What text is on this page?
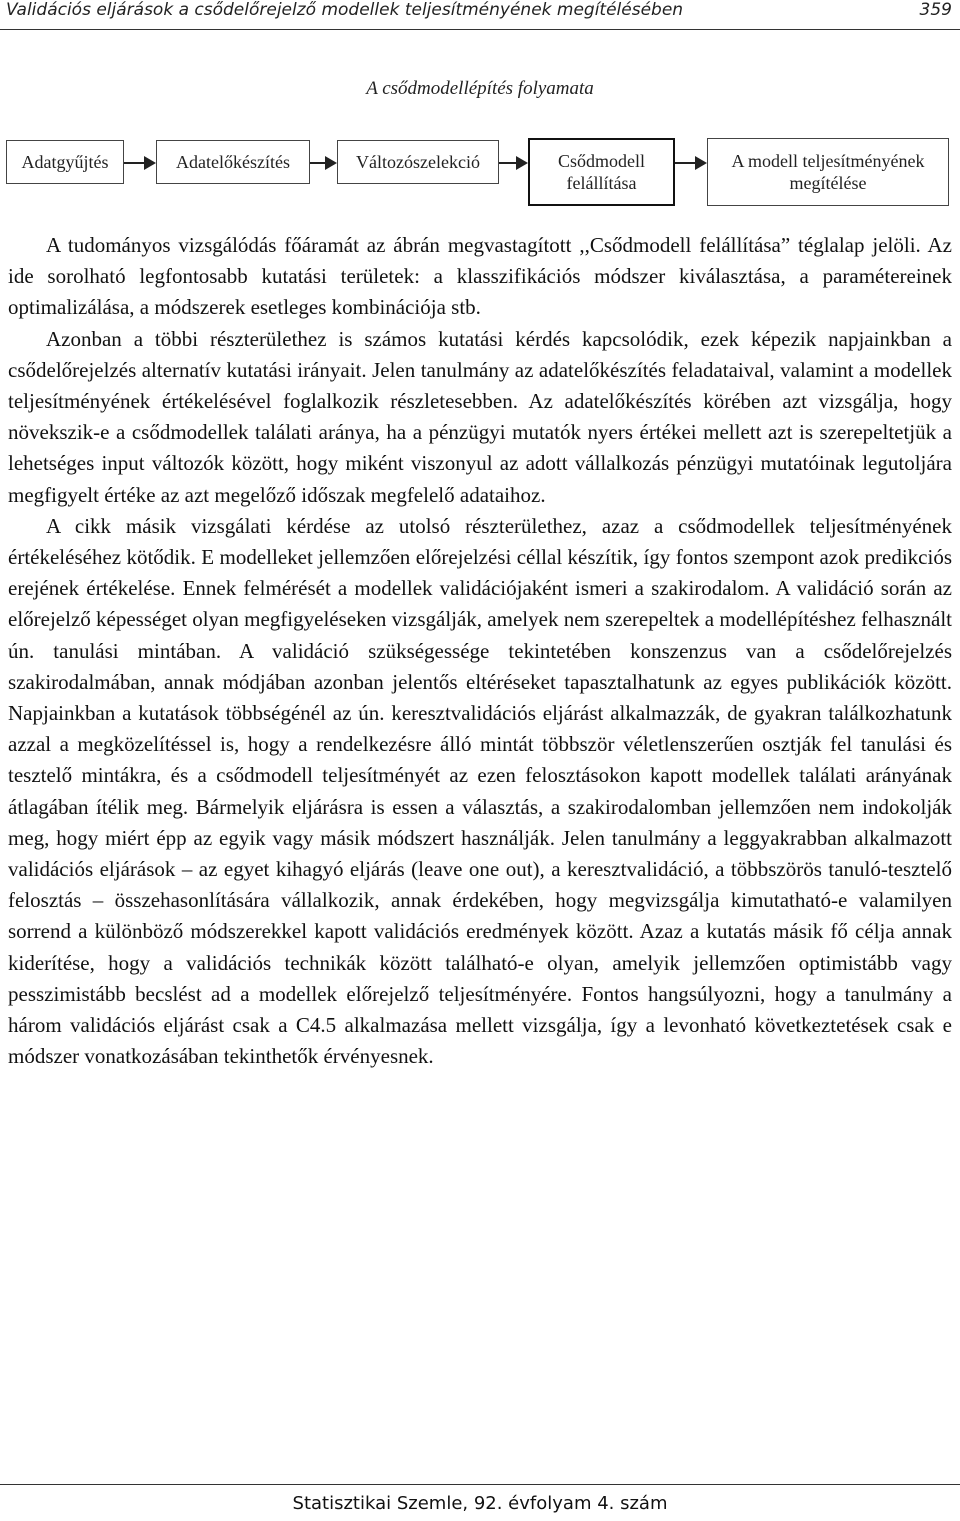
Validációs eljárások a csődelőrejelző modellek teljesítményének megítélésében	359
A csődmodellépítés folyamata
Adatgyűjtés	Adatelőkészítés	Változószelekció	Csődmodell
felállítása
A modell teljesítményének
megítélése

A tudományos vizsgálódás főáramát az ábrán megvastagított ,,Csődmodell felállítása” téglalap jelöli. Az ide sorolható legfontosabb kutatási területek: a klasszifikációs módszer kiválasztása, a paramétereinek optimalizálása, a módszerek esetleges kombinációja stb.

Azonban a többi részterülethez is számos kutatási kérdés kapcsolódik, ezek képezik napjainkban a csődelőrejelzés alternatív kutatási irányait. Jelen tanulmány az adatelőkészítés feladataival, valamint a modellek teljesítményének értékelésével foglalkozik részletesebben. Az adatelőkészítés körében azt vizsgálja, hogy növekszik-e a csődmodellek találati aránya, ha a pénzügyi mutatók nyers értékei mellett azt is szerepeltetjük a lehetséges input változók között, hogy miként viszonyul az adott vállalkozás pénzügyi mutatóinak legutoljára megfigyelt értéke az azt megelőző időszak megfelelő adataihoz.

A cikk másik vizsgálati kérdése az utolsó részterülethez, azaz a csődmodellek teljesítményének értékeléséhez kötődik. E modelleket jellemzően előrejelzési céllal készítik, így fontos szempont azok predikciós erejének értékelése. Ennek felmérését a modellek validációjaként ismeri a szakirodalom. A validáció során az előrejelző képességet olyan megfigyeléseken vizsgálják, amelyek nem szerepeltek a modellépítéshez felhasznált ún. tanulási mintában. A validáció szükségessége tekintetében konszenzus van a csődelőrejelzés szakirodalmában, annak módjában azonban jelentős eltéréseket tapasztalhatunk az egyes publikációk között. Napjainkban a kutatások többségénél az ún. keresztvalidációs eljárást alkalmazzák, de gyakran találkozhatunk azzal a megközelítéssel is, hogy a rendelkezésre álló mintát többször véletlenszerűen osztják fel tanulási és tesztelő mintákra, és a csődmodell teljesítményét az ezen felosztásokon kapott modellek találati arányának átlagában ítélik meg. Bármelyik eljárásra is essen a választás, a szakirodalomban jellemzően nem indokolják meg, hogy miért épp az egyik vagy másik módszert használják. Jelen tanulmány a leggyakrabban alkalmazott validációs eljárások – az egyet kihagyó eljárás (leave one out), a keresztvalidáció, a többszörös tanuló-tesztelő felosztás – összehasonlítására vállalkozik, annak érdekében, hogy megvizsgálja kimutatható-e valamilyen sorrend a különböző módszerekkel kapott validációs eredmények között. Azaz a kutatás másik fő célja annak kiderítése, hogy a validációs technikák között található-e olyan, amelyik jellemzően optimistább vagy pesszimistább becslést ad a modellek előrejelző teljesítményére. Fontos hangsúlyozni, hogy a tanulmány a három validációs eljárást csak a C4.5 alkalmazása mellett vizsgálja, így a levonható következtetések csak e módszer vonatkozásában tekinthetők érvényesnek.

Statisztikai Szemle, 92. évfolyam 4. szám
